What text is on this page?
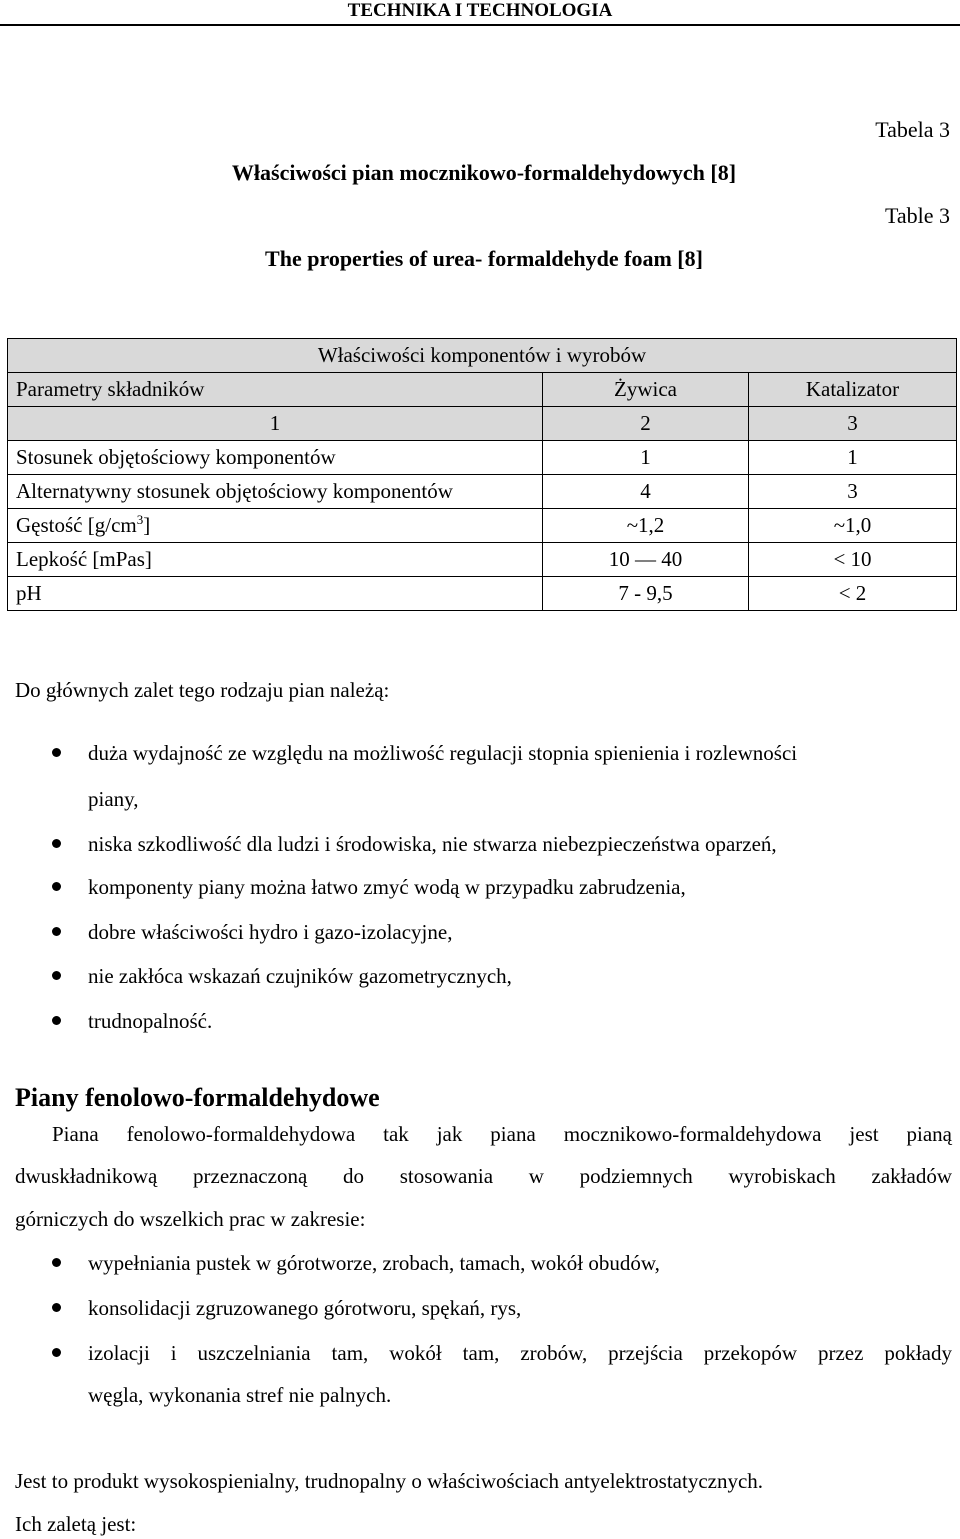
TECHNIKA I TECHNOLOGIA
Tabela 3
Właściwości pian mocznikowo-formaldehydowych [8]
Table 3
The properties of urea- formaldehyde foam [8]
Właściwości komponentów i wyrobów		
Parametry składników	Żywica	Katalizator
1	2	3
Stosunek objętościowy komponentów	1	1
Alternatywny stosunek objętościowy komponentów	4	3
Gęstość $[g/cm^3]$	~1,2	~1,0
Lepkość [mPas]	10 — 40	< 10
pH	7 - 9,5	< 2
Do głównych zalet tego rodzaju pian należą:
duża wydajność ze względu na możliwość regulacji stopnia spienienia i rozlewności
piany,
niska szkodliwość dla ludzi i środowiska, nie stwarza niebezpieczeństwa oparzeń,
komponenty piany można łatwo zmyć wodą w przypadku zabrudzenia,
dobre właściwości hydro i gazo-izolacyjne,
nie zakłóca wskazań czujników gazometrycznych,
trudnopalność.
Piany fenolowo-formaldehydowe
Piana fenolowo-formaldehydowa tak jak piana mocznikowo-formaldehydowa jest pianą
dwuskładnikową przeznaczoną do stosowania w podziemnych wyrobiskach zakładów
górniczych do wszelkich prac w zakresie:
wypełniania pustek w górotworze, zrobach, tamach, wokół obudów,
konsolidacji zgruzowanego górotworu, spękań, rys,
izolacji i uszczelniania tam, wokół tam, zrobów, przejścia przekopów przez pokłady
węgla, wykonania stref nie palnych.
Jest to produkt wysokospienialny, trudnopalny o właściwościach antyelektrostatycznych.
Ich zaletą jest:
